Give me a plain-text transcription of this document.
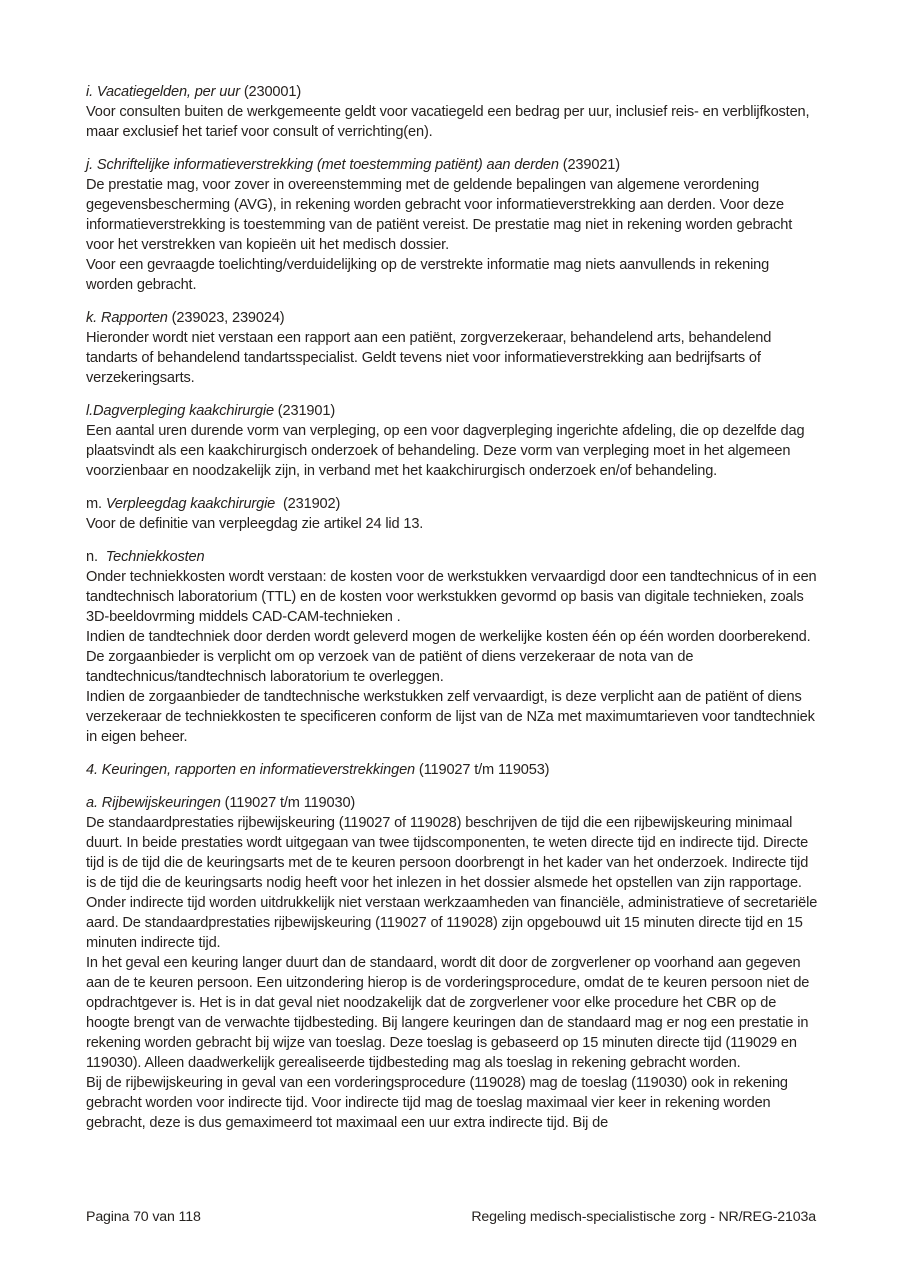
i. Vacatiegelden, per uur (230001)

Voor consulten buiten de werkgemeente geldt voor vacatiegeld een bedrag per uur, inclusief reis- en verblijfkosten, maar exclusief het tarief voor consult of verrichting(en).

j. Schriftelijke informatieverstrekking (met toestemming patiënt) aan derden (239021)

De prestatie mag, voor zover in overeenstemming met de geldende bepalingen van algemene verordening gegevensbescherming (AVG), in rekening worden gebracht voor informatieverstrekking aan derden. Voor deze informatieverstrekking is toestemming van de patiënt vereist. De prestatie mag niet in rekening worden gebracht voor het verstrekken van kopieën uit het medisch dossier.

Voor een gevraagde toelichting/verduidelijking op de verstrekte informatie mag niets aanvullends in rekening worden gebracht.

k. Rapporten (239023, 239024)

Hieronder wordt niet verstaan een rapport aan een patiënt, zorgverzekeraar, behandelend arts, behandelend tandarts of behandelend tandartsspecialist. Geldt tevens niet voor informatieverstrekking aan bedrijfsarts of verzekeringsarts.

l.Dagverpleging kaakchirurgie (231901)

Een aantal uren durende vorm van verpleging, op een voor dagverpleging ingerichte afdeling, die op dezelfde dag plaatsvindt als een kaakchirurgisch onderzoek of behandeling. Deze vorm van verpleging moet in het algemeen voorzienbaar en noodzakelijk zijn, in verband met het kaakchirurgisch onderzoek en/of behandeling.

m. Verpleegdag kaakchirurgie  (231902)

Voor de definitie van verpleegdag zie artikel 24 lid 13.

n.  Techniekkosten

Onder techniekkosten wordt verstaan: de kosten voor de werkstukken vervaardigd door een tandtechnicus of in een tandtechnisch laboratorium (TTL) en de kosten voor werkstukken gevormd op basis van digitale technieken, zoals 3D-beeldovrming middels CAD-CAM-technieken .

Indien de tandtechniek door derden wordt geleverd mogen de werkelijke kosten één op één worden doorberekend. De zorgaanbieder is verplicht om op verzoek van de patiënt of diens verzekeraar de nota van de tandtechnicus/tandtechnisch laboratorium te overleggen.

Indien de zorgaanbieder de tandtechnische werkstukken zelf vervaardigt, is deze verplicht aan de patiënt of diens verzekeraar de techniekkosten te specificeren conform de lijst van de NZa met maximumtarieven voor tandtechniek in eigen beheer.

4. Keuringen, rapporten en informatieverstrekkingen (119027 t/m 119053)
a. Rijbewijskeuringen (119027 t/m 119030)

De standaardprestaties rijbewijskeuring (119027 of 119028) beschrijven de tijd die een rijbewijskeuring minimaal duurt. In beide prestaties wordt uitgegaan van twee tijdscomponenten, te weten directe tijd en indirecte tijd. Directe tijd is de tijd die de keuringsarts met de te keuren persoon doorbrengt in het kader van het onderzoek. Indirecte tijd is de tijd die de keuringsarts nodig heeft voor het inlezen in het dossier alsmede het opstellen van zijn rapportage. Onder indirecte tijd worden uitdrukkelijk niet verstaan werkzaamheden van financiële, administratieve of secretariële aard. De standaardprestaties rijbewijskeuring (119027 of 119028) zijn opgebouwd uit 15 minuten directe tijd en 15 minuten indirecte tijd.

In het geval een keuring langer duurt dan de standaard, wordt dit door de zorgverlener op voorhand aan gegeven aan de te keuren persoon. Een uitzondering hierop is de vorderingsprocedure, omdat de te keuren persoon niet de opdrachtgever is. Het is in dat geval niet noodzakelijk dat de zorgverlener voor elke procedure het CBR op de hoogte brengt van de verwachte tijdbesteding. Bij langere keuringen dan de standaard mag er nog een prestatie in rekening worden gebracht bij wijze van toeslag. Deze toeslag is gebaseerd op 15 minuten directe tijd (119029 en 119030). Alleen daadwerkelijk gerealiseerde tijdbesteding mag als toeslag in rekening gebracht worden.

Bij de rijbewijskeuring in geval van een vorderingsprocedure (119028) mag de toeslag (119030) ook in rekening gebracht worden voor indirecte tijd. Voor indirecte tijd mag de toeslag maximaal vier keer in rekening worden gebracht, deze is dus gemaximeerd tot maximaal een uur extra indirecte tijd. Bij de

Pagina 70 van 118	Regeling medisch-specialistische zorg - NR/REG-2103a
